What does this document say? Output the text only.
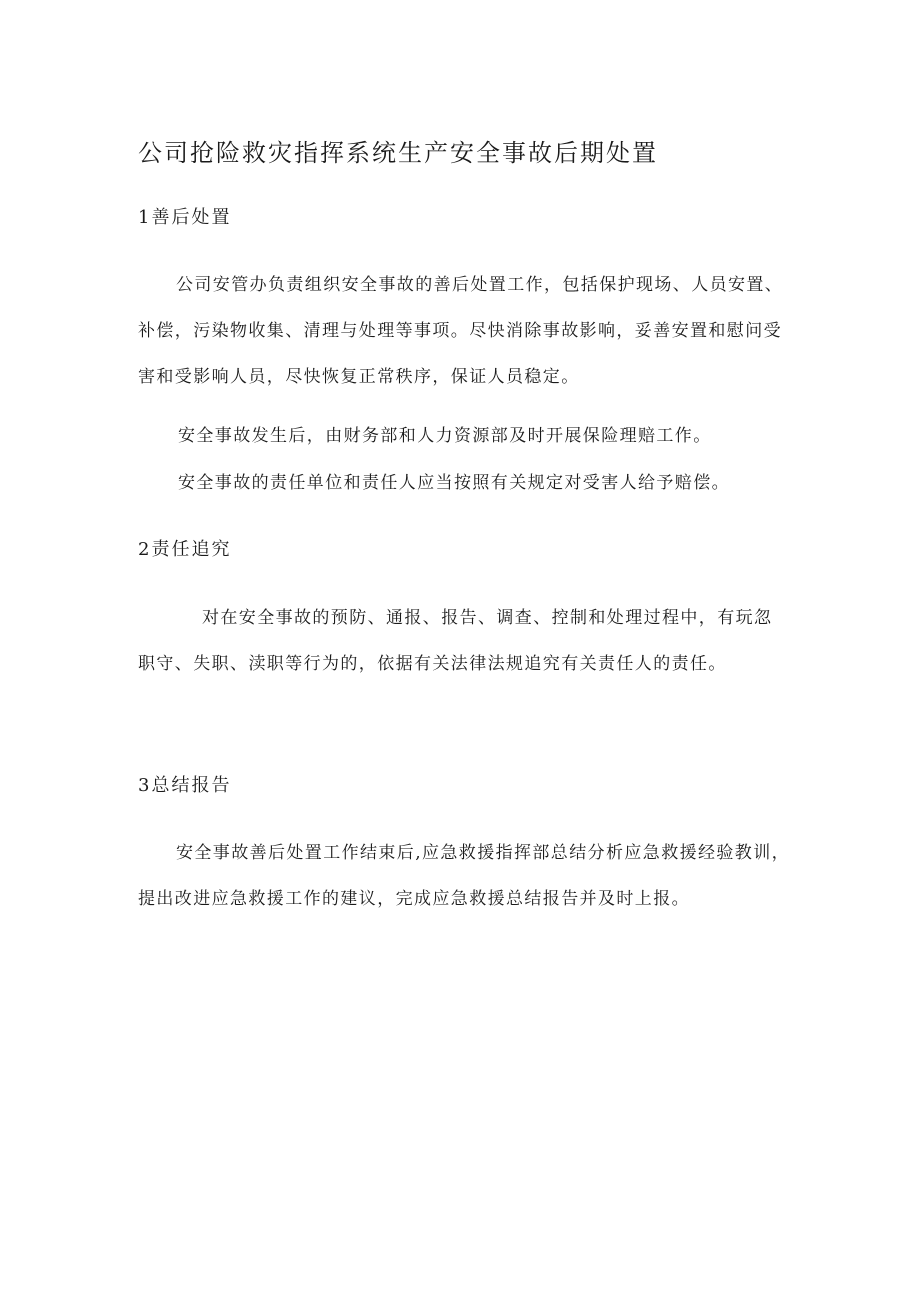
公司抢险救灾指挥系统生产安全事故后期处置
1善后处置

公司安管办负责组织安全事故的善后处置工作，包括保护现场、人员安置、补偿，污染物收集、清理与处理等事项。尽快消除事故影响，妥善安置和慰问受害和受影响人员，尽快恢复正常秩序，保证人员稳定。

安全事故发生后，由财务部和人力资源部及时开展保险理赔工作。

安全事故的责任单位和责任人应当按照有关规定对受害人给予赔偿。

2责任追究

对在安全事故的预防、通报、报告、调查、控制和处理过程中，有玩忽职守、失职、渎职等行为的，依据有关法律法规追究有关责任人的责任。

3总结报告

安全事故善后处置工作结束后,应急救援指挥部总结分析应急救援经验教训，提出改进应急救援工作的建议，完成应急救援总结报告并及时上报。
